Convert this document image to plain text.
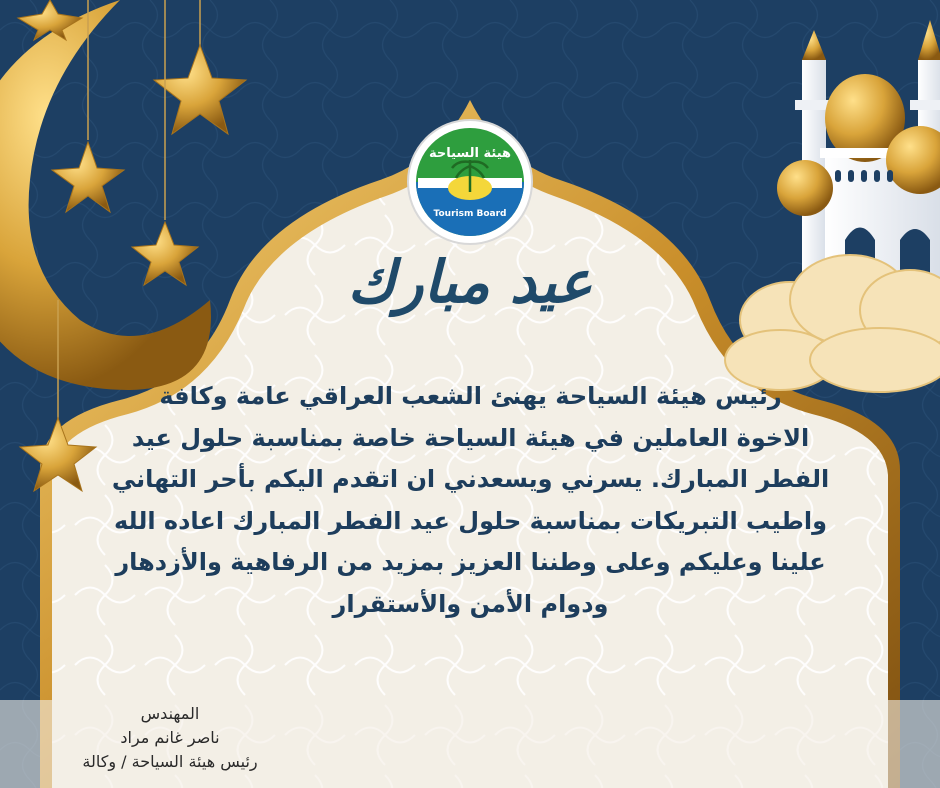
هيئة السياحة
Tourism Board
عيد مبارك
رئيس هيئة السياحة يهنئ الشعب العراقي عامة وكافة
الاخوة العاملين في هيئة السياحة خاصة بمناسبة حلول عيد
الفطر المبارك. يسرني ويسعدني ان اتقدم اليكم بأحر التهاني
واطيب التبريكات بمناسبة حلول عيد الفطر المبارك اعاده الله
علينا وعليكم وعلى وطننا العزيز بمزيد من الرفاهية والأزدهار
ودوام الأمن والأستقرار
المهندس
ناصر غانم مراد
رئيس هيئة السياحة / وكالة
